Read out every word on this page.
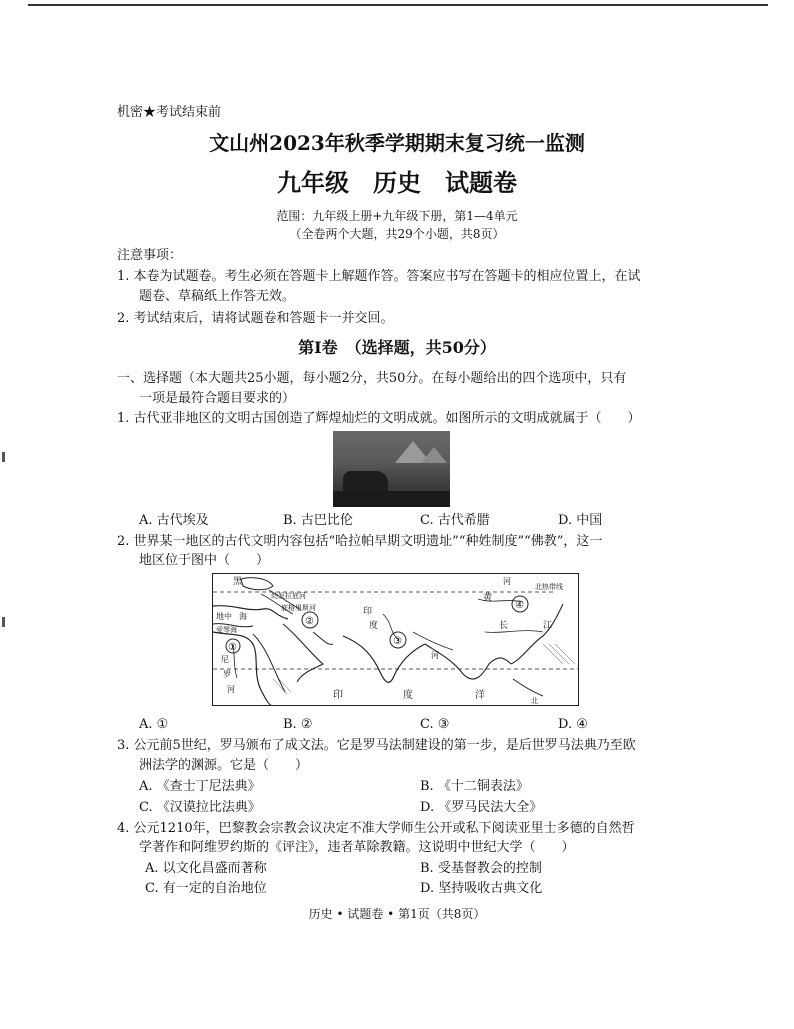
机密★考试结束前
文山州2023年秋季学期期末复习统一监测
九年级　历史　试题卷
范围：九年级上册+九年级下册，第1—4单元
（全卷两个大题，共29个小题，共8页）
注意事项：
1. 本卷为试题卷。考生必须在答题卡上解题作答。答案应书写在答题卡的相应位置上，在试
题卷、草稿纸上作答无效。
2. 考试结束后，请将试题卷和答题卡一并交回。
第Ⅰ卷　（选择题，共50分）
一、选择题（本大题共25小题，每小题2分，共50分。在每小题给出的四个选项中，只有
一项是最符合题目要求的）
1. 古代亚非地区的文明古国创造了辉煌灿烂的文明成就。如图所示的文明成就属于（　　）
A. 古代埃及	B. 古巴比伦	C. 古代希腊	D. 中国
2. 世界某一地区的古代文明内容包括“哈拉帕早期文明遗址”“种姓制度”“佛教”，这一
地区位于图中（　　）
黑
幼发拉底河
底格里斯河
地中 海
爱琴海
尼
罗
河
印
度
河
黄
河
长	江
印	度	洋
北热带线
北
①
②
③
④
A. ①	B. ②	C. ③	D. ④
3. 公元前5世纪，罗马颁布了成文法。它是罗马法制建设的第一步，是后世罗马法典乃至欧
洲法学的渊源。它是（　　）
A. 《查士丁尼法典》	B. 《十二铜表法》
C. 《汉谟拉比法典》	D. 《罗马民法大全》
4. 公元1210年，巴黎教会宗教会议决定不准大学师生公开或私下阅读亚里士多德的自然哲
学著作和阿维罗约斯的《评注》，违者革除教籍。这说明中世纪大学（　　）
A. 以文化昌盛而著称	B. 受基督教会的控制
C. 有一定的自治地位	D. 坚持吸收古典文化
历史 • 试题卷 • 第1页（共8页）
